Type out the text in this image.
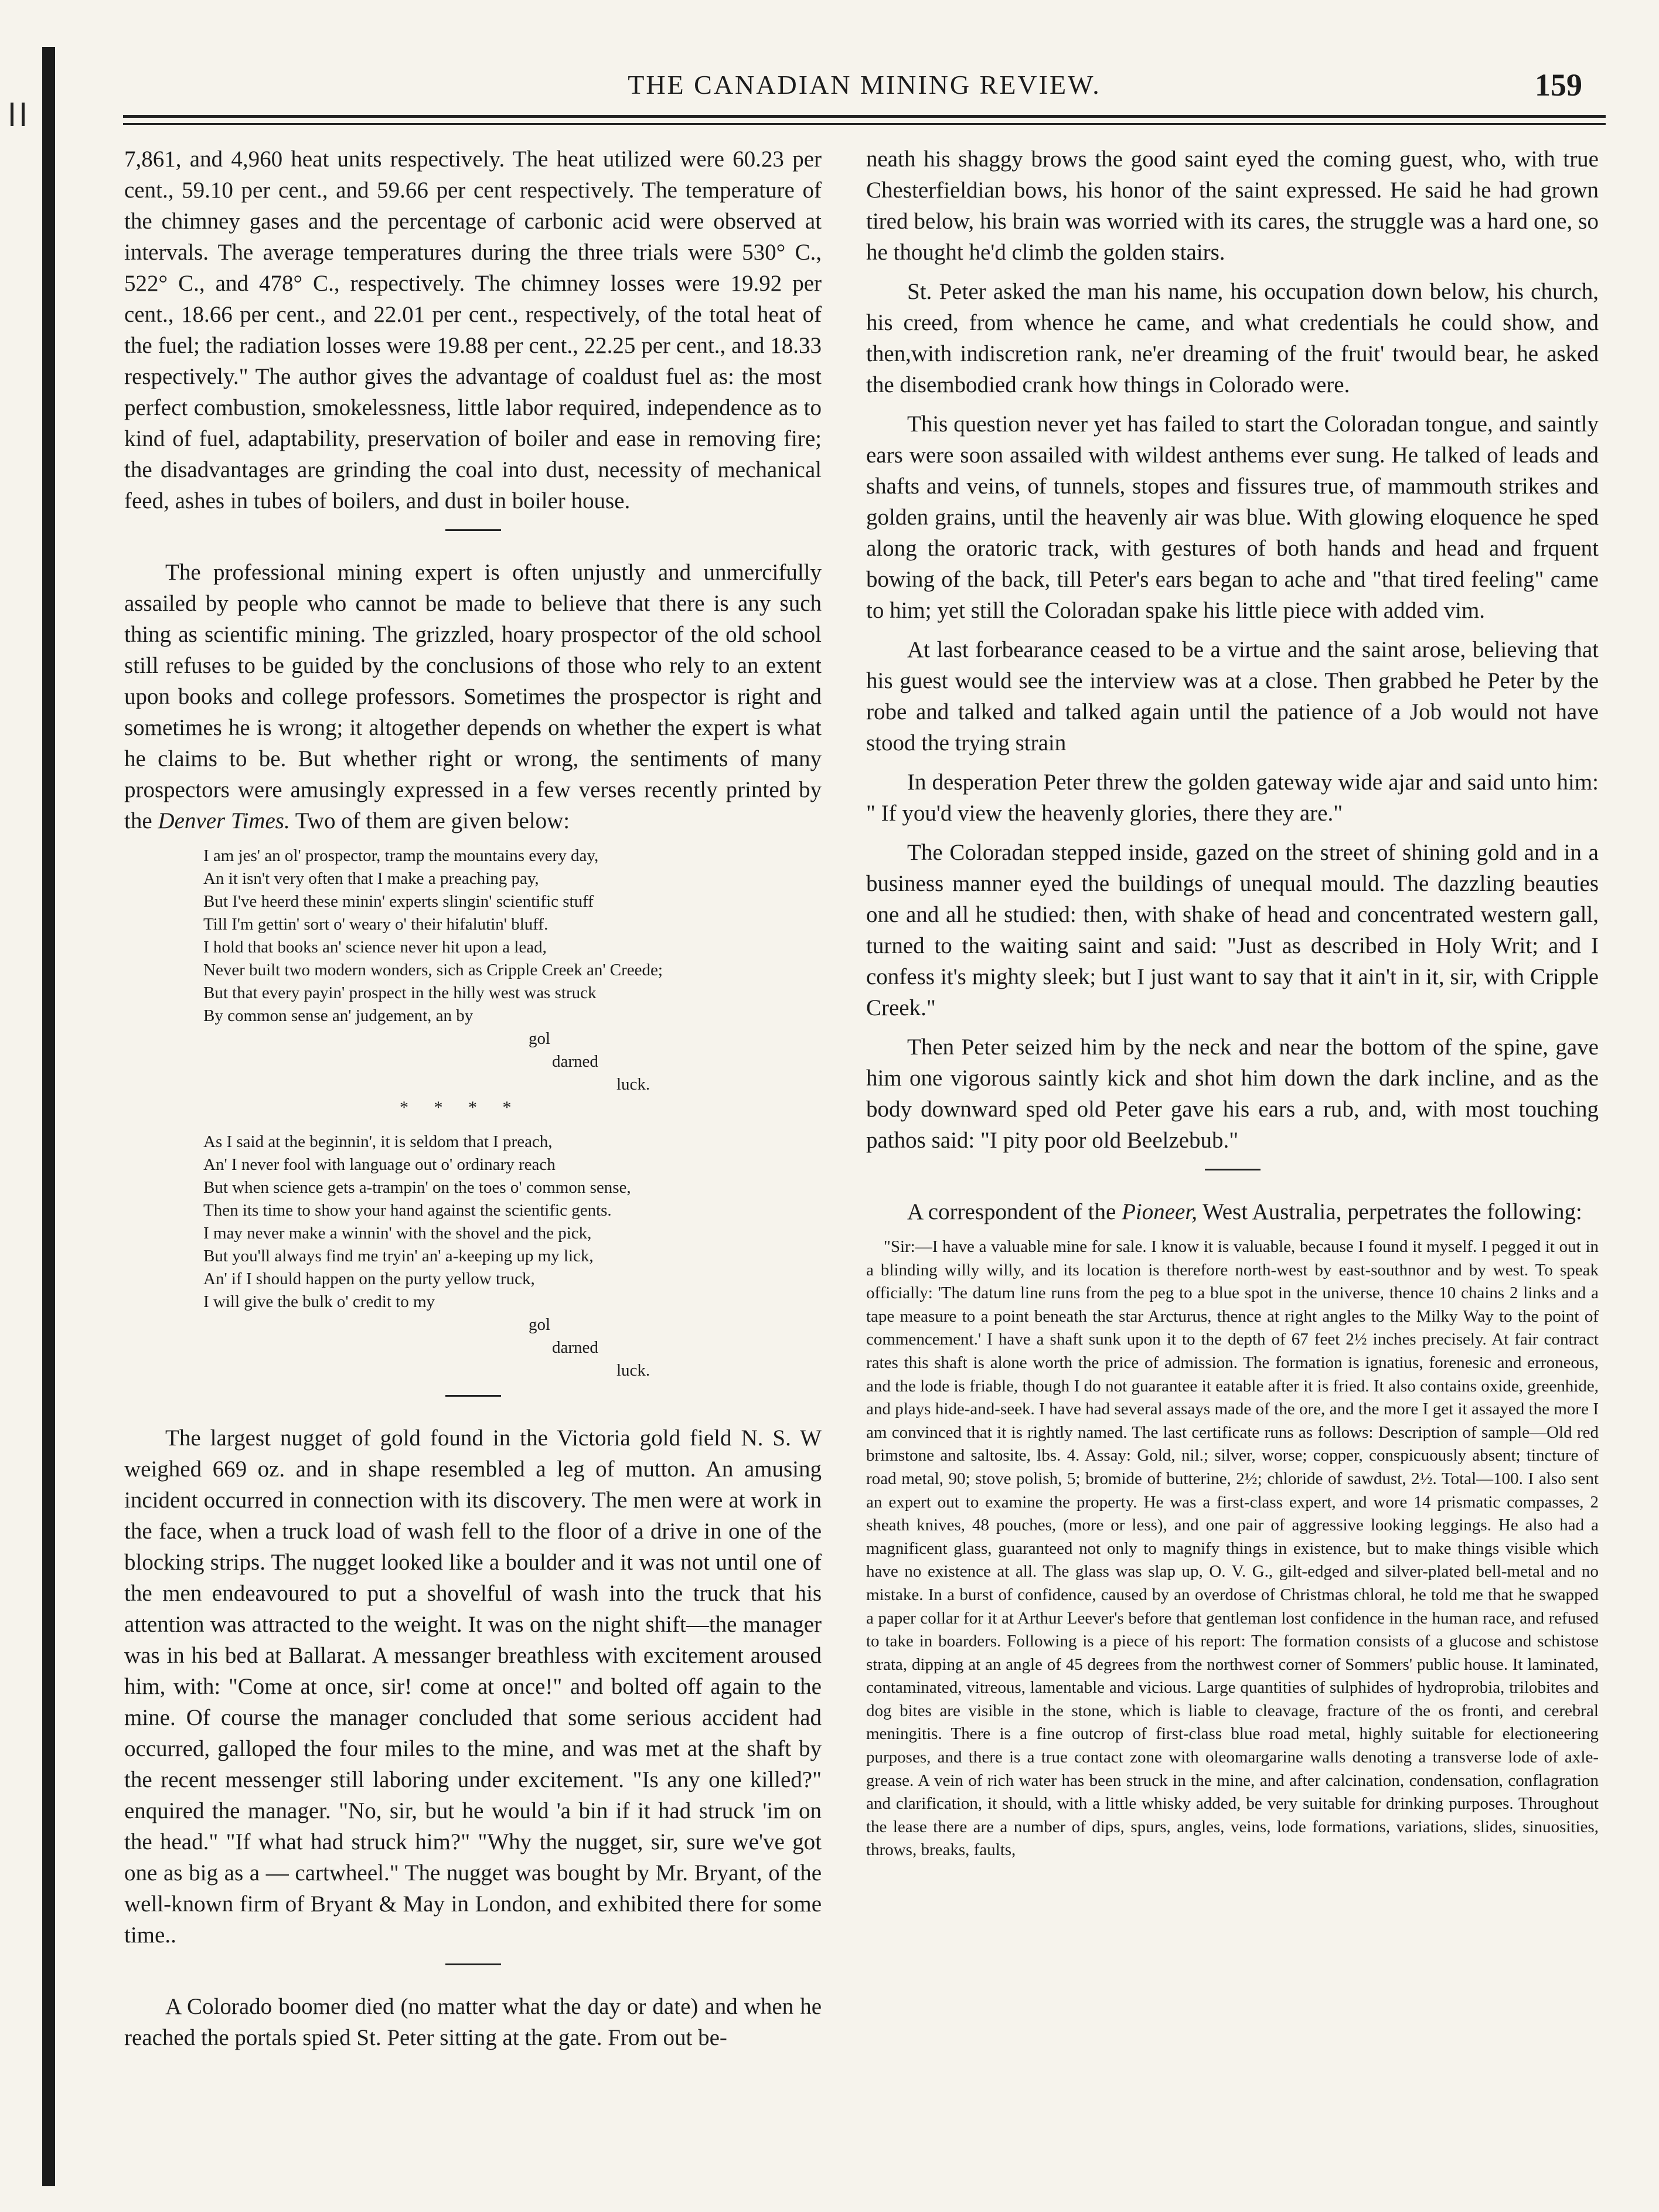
THE CANADIAN MINING REVIEW.	159

7,861, and 4,960 heat units respectively. The heat utilized were 60.23 per cent., 59.10 per cent., and 59.66 per cent respectively. The temperature of the chimney gases and the percentage of carbonic acid were observed at intervals. The average temperatures during the three trials were 530° C., 522° C., and 478° C., respectively. The chimney losses were 19.92 per cent., 18.66 per cent., and 22.01 per cent., respectively, of the total heat of the fuel; the radiation losses were 19.88 per cent., 22.25 per cent., and 18.33 respectively." The author gives the advantage of coaldust fuel as: the most perfect combustion, smokelessness, little labor required, independence as to kind of fuel, adaptability, preservation of boiler and ease in removing fire; the disadvantages are grinding the coal into dust, necessity of mechanical feed, ashes in tubes of boilers, and dust in boiler house.

The professional mining expert is often unjustly and unmercifully assailed by people who cannot be made to believe that there is any such thing as scientific mining. The grizzled, hoary prospector of the old school still refuses to be guided by the conclusions of those who rely to an extent upon books and college professors. Sometimes the prospector is right and sometimes he is wrong; it altogether depends on whether the expert is what he claims to be. But whether right or wrong, the sentiments of many prospectors were amusingly expressed in a few verses recently printed by the Denver Times. Two of them are given below:

I am jes' an ol' prospector, tramp the mountains every day,
An it isn't very often that I make a preaching pay,
But I've heerd these minin' experts slingin' scientific stuff
Till I'm gettin' sort o' weary o' their hifalutin' bluff.
I hold that books an' science never hit upon a lead,
Never built two modern wonders, sich as Cripple Creek an' Creede;
But that every payin' prospect in the hilly west was struck
By common sense an' judgement, an by
gol
darned
luck.
* * * *
As I said at the beginnin', it is seldom that I preach,
An' I never fool with language out o' ordinary reach
But when science gets a-trampin' on the toes o' common sense,
Then its time to show your hand against the scientific gents.
I may never make a winnin' with the shovel and the pick,
But you'll always find me tryin' an' a-keeping up my lick,
An' if I should happen on the purty yellow truck,
I will give the bulk o' credit to my
gol
darned
luck.

The largest nugget of gold found in the Victoria gold field N. S. W weighed 669 oz. and in shape resembled a leg of mutton. An amusing incident occurred in connection with its discovery. The men were at work in the face, when a truck load of wash fell to the floor of a drive in one of the blocking strips. The nugget looked like a boulder and it was not until one of the men endeavoured to put a shovelful of wash into the truck that his attention was attracted to the weight. It was on the night shift—the manager was in his bed at Ballarat. A messanger breathless with excitement aroused him, with: "Come at once, sir! come at once!" and bolted off again to the mine. Of course the manager concluded that some serious accident had occurred, galloped the four miles to the mine, and was met at the shaft by the recent messenger still laboring under excitement. "Is any one killed?" enquired the manager. "No, sir, but he would 'a bin if it had struck 'im on the head." "If what had struck him?" "Why the nugget, sir, sure we've got one as big as a — cartwheel." The nugget was bought by Mr. Bryant, of the well-known firm of Bryant & May in London, and exhibited there for some time..

A Colorado boomer died (no matter what the day or date) and when he reached the portals spied St. Peter sitting at the gate. From out be-

neath his shaggy brows the good saint eyed the coming guest, who, with true Chesterfieldian bows, his honor of the saint expressed. He said he had grown tired below, his brain was worried with its cares, the struggle was a hard one, so he thought he'd climb the golden stairs.

St. Peter asked the man his name, his occupation down below, his church, his creed, from whence he came, and what credentials he could show, and then,with indiscretion rank, ne'er dreaming of the fruit' twould bear, he asked the disembodied crank how things in Colorado were.

This question never yet has failed to start the Coloradan tongue, and saintly ears were soon assailed with wildest anthems ever sung. He talked of leads and shafts and veins, of tunnels, stopes and fissures true, of mammouth strikes and golden grains, until the heavenly air was blue. With glowing eloquence he sped along the oratoric track, with gestures of both hands and head and frquent bowing of the back, till Peter's ears began to ache and "that tired feeling" came to him; yet still the Coloradan spake his little piece with added vim.

At last forbearance ceased to be a virtue and the saint arose, believing that his guest would see the interview was at a close. Then grabbed he Peter by the robe and talked and talked again until the patience of a Job would not have stood the trying strain

In desperation Peter threw the golden gateway wide ajar and said unto him: " If you'd view the heavenly glories, there they are."

The Coloradan stepped inside, gazed on the street of shining gold and in a business manner eyed the buildings of unequal mould. The dazzling beauties one and all he studied: then, with shake of head and concentrated western gall, turned to the waiting saint and said: "Just as described in Holy Writ; and I confess it's mighty sleek; but I just want to say that it ain't in it, sir, with Cripple Creek."

Then Peter seized him by the neck and near the bottom of the spine, gave him one vigorous saintly kick and shot him down the dark incline, and as the body downward sped old Peter gave his ears a rub, and, with most touching pathos said: "I pity poor old Beelzebub."

A correspondent of the Pioneer, West Australia, perpetrates the following:

"Sir:—I have a valuable mine for sale. I know it is valuable, because I found it myself. I pegged it out in a blinding willy willy, and its location is therefore north-west by east-southnor and by west. To speak officially: 'The datum line runs from the peg to a blue spot in the universe, thence 10 chains 2 links and a tape measure to a point beneath the star Arcturus, thence at right angles to the Milky Way to the point of commencement.' I have a shaft sunk upon it to the depth of 67 feet 2½ inches precisely. At fair contract rates this shaft is alone worth the price of admission. The formation is ignatius, forenesic and erroneous, and the lode is friable, though I do not guarantee it eatable after it is fried. It also contains oxide, greenhide, and plays hide-and-seek. I have had several assays made of the ore, and the more I get it assayed the more I am convinced that it is rightly named. The last certificate runs as follows: Description of sample—Old red brimstone and saltosite, lbs. 4. Assay: Gold, nil.; silver, worse; copper, conspicuously absent; tincture of road metal, 90; stove polish, 5; bromide of butterine, 2½; chloride of sawdust, 2½. Total—100. I also sent an expert out to examine the property. He was a first-class expert, and wore 14 prismatic compasses, 2 sheath knives, 48 pouches, (more or less), and one pair of aggressive looking leggings. He also had a magnificent glass, guaranteed not only to magnify things in existence, but to make things visible which have no existence at all. The glass was slap up, O. V. G., gilt-edged and silver-plated bell-metal and no mistake. In a burst of confidence, caused by an overdose of Christmas chloral, he told me that he swapped a paper collar for it at Arthur Leever's before that gentleman lost confidence in the human race, and refused to take in boarders. Following is a piece of his report: The formation consists of a glucose and schistose strata, dipping at an angle of 45 degrees from the northwest corner of Sommers' public house. It laminated, contaminated, vitreous, lamentable and vicious. Large quantities of sulphides of hydroprobia, trilobites and dog bites are visible in the stone, which is liable to cleavage, fracture of the os fronti, and cerebral meningitis. There is a fine outcrop of first-class blue road metal, highly suitable for electioneering purposes, and there is a true contact zone with oleomargarine walls denoting a transverse lode of axle-grease. A vein of rich water has been struck in the mine, and after calcination, condensation, conflagration and clarification, it should, with a little whisky added, be very suitable for drinking purposes. Throughout the lease there are a number of dips, spurs, angles, veins, lode formations, variations, slides, sinuosities, throws, breaks, faults,
